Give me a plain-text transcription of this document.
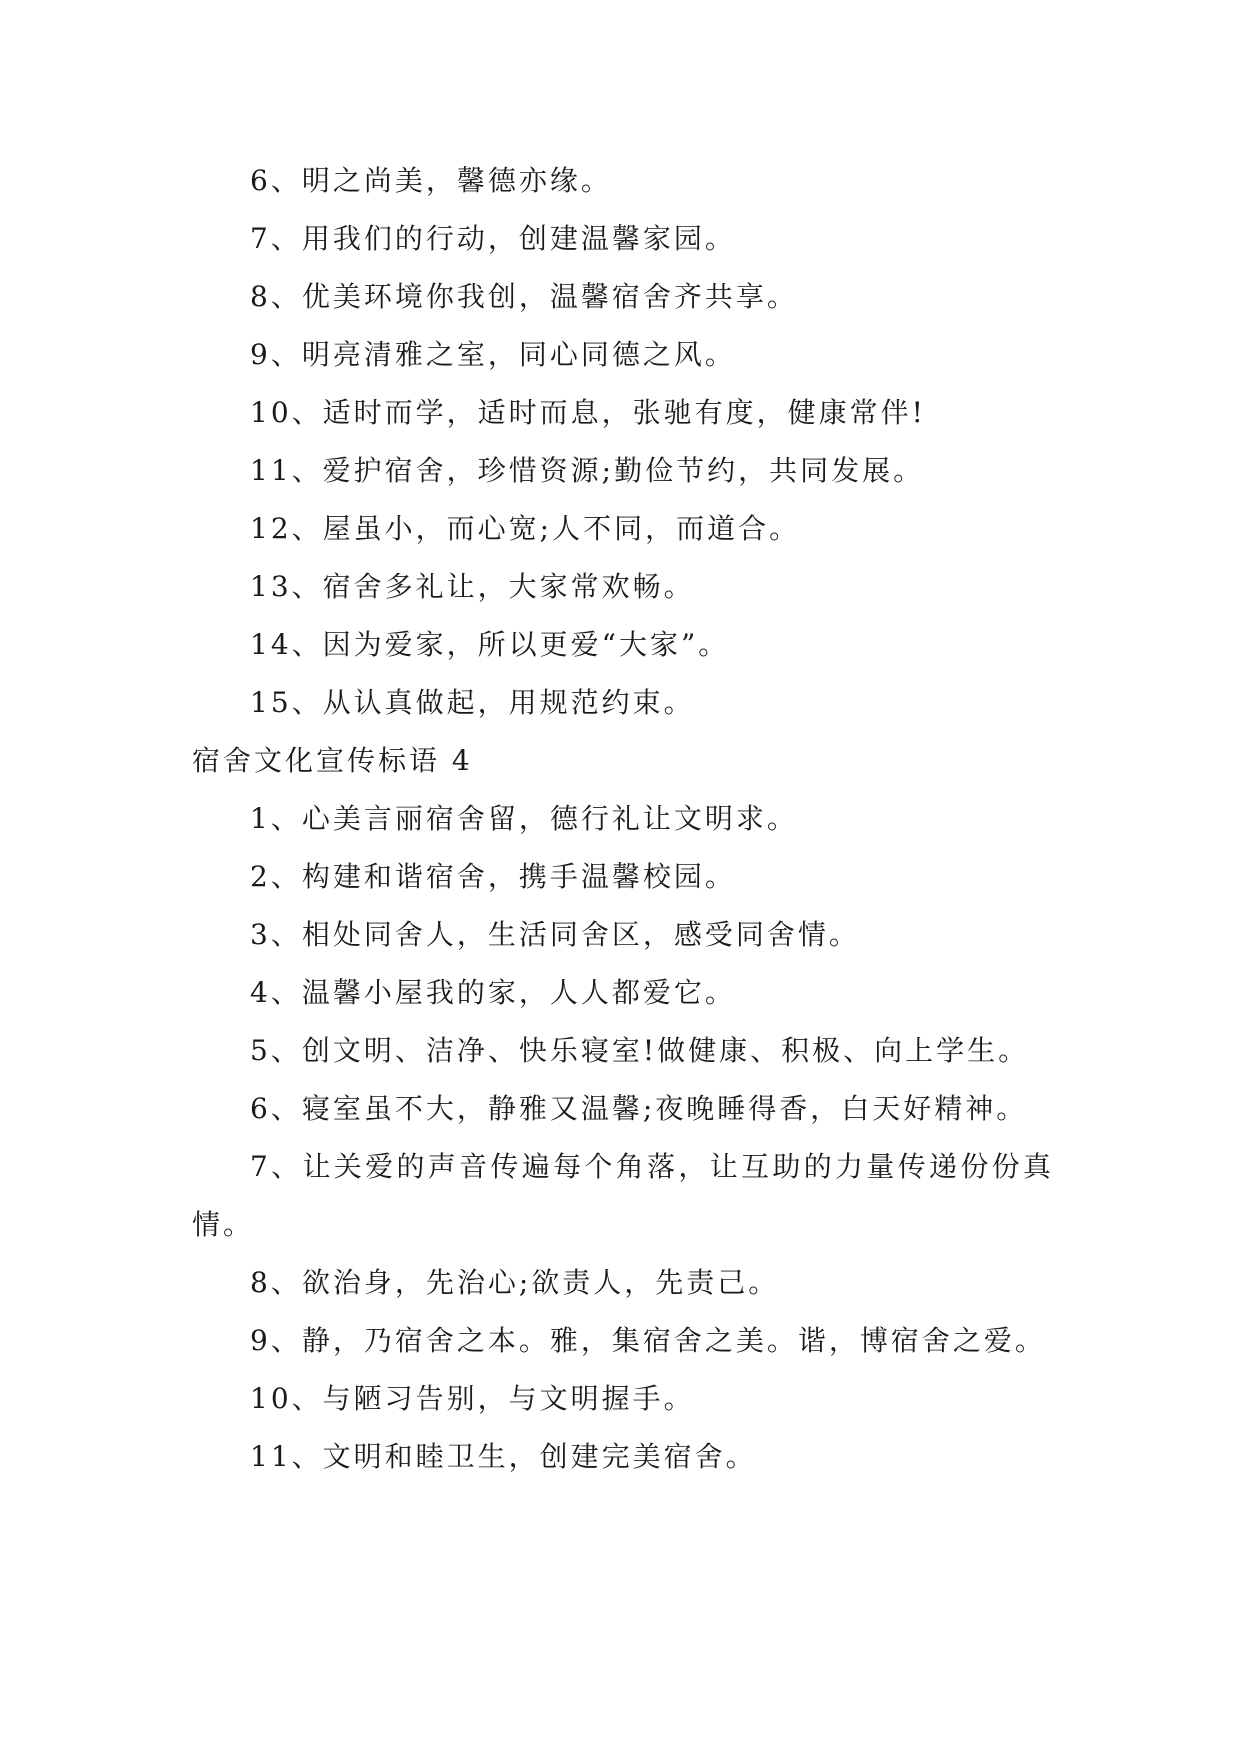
6、明之尚美，馨德亦缘。
7、用我们的行动，创建温馨家园。
8、优美环境你我创，温馨宿舍齐共享。
9、明亮清雅之室，同心同德之风。
10、适时而学，适时而息，张驰有度，健康常伴!
11、爱护宿舍，珍惜资源;勤俭节约，共同发展。
12、屋虽小，而心宽;人不同，而道合。
13、宿舍多礼让，大家常欢畅。
14、因为爱家，所以更爱“大家”。
15、从认真做起，用规范约束。
宿舍文化宣传标语 4
1、心美言丽宿舍留，德行礼让文明求。
2、构建和谐宿舍，携手温馨校园。
3、相处同舍人，生活同舍区，感受同舍情。
4、温馨小屋我的家，人人都爱它。
5、创文明、洁净、快乐寝室!做健康、积极、向上学生。
6、寝室虽不大，静雅又温馨;夜晚睡得香，白天好精神。
7、让关爱的声音传遍每个角落，让互助的力量传递份份真情。
8、欲治身，先治心;欲责人，先责己。
9、静，乃宿舍之本。雅，集宿舍之美。谐，博宿舍之爱。
10、与陋习告别，与文明握手。
11、文明和睦卫生，创建完美宿舍。
